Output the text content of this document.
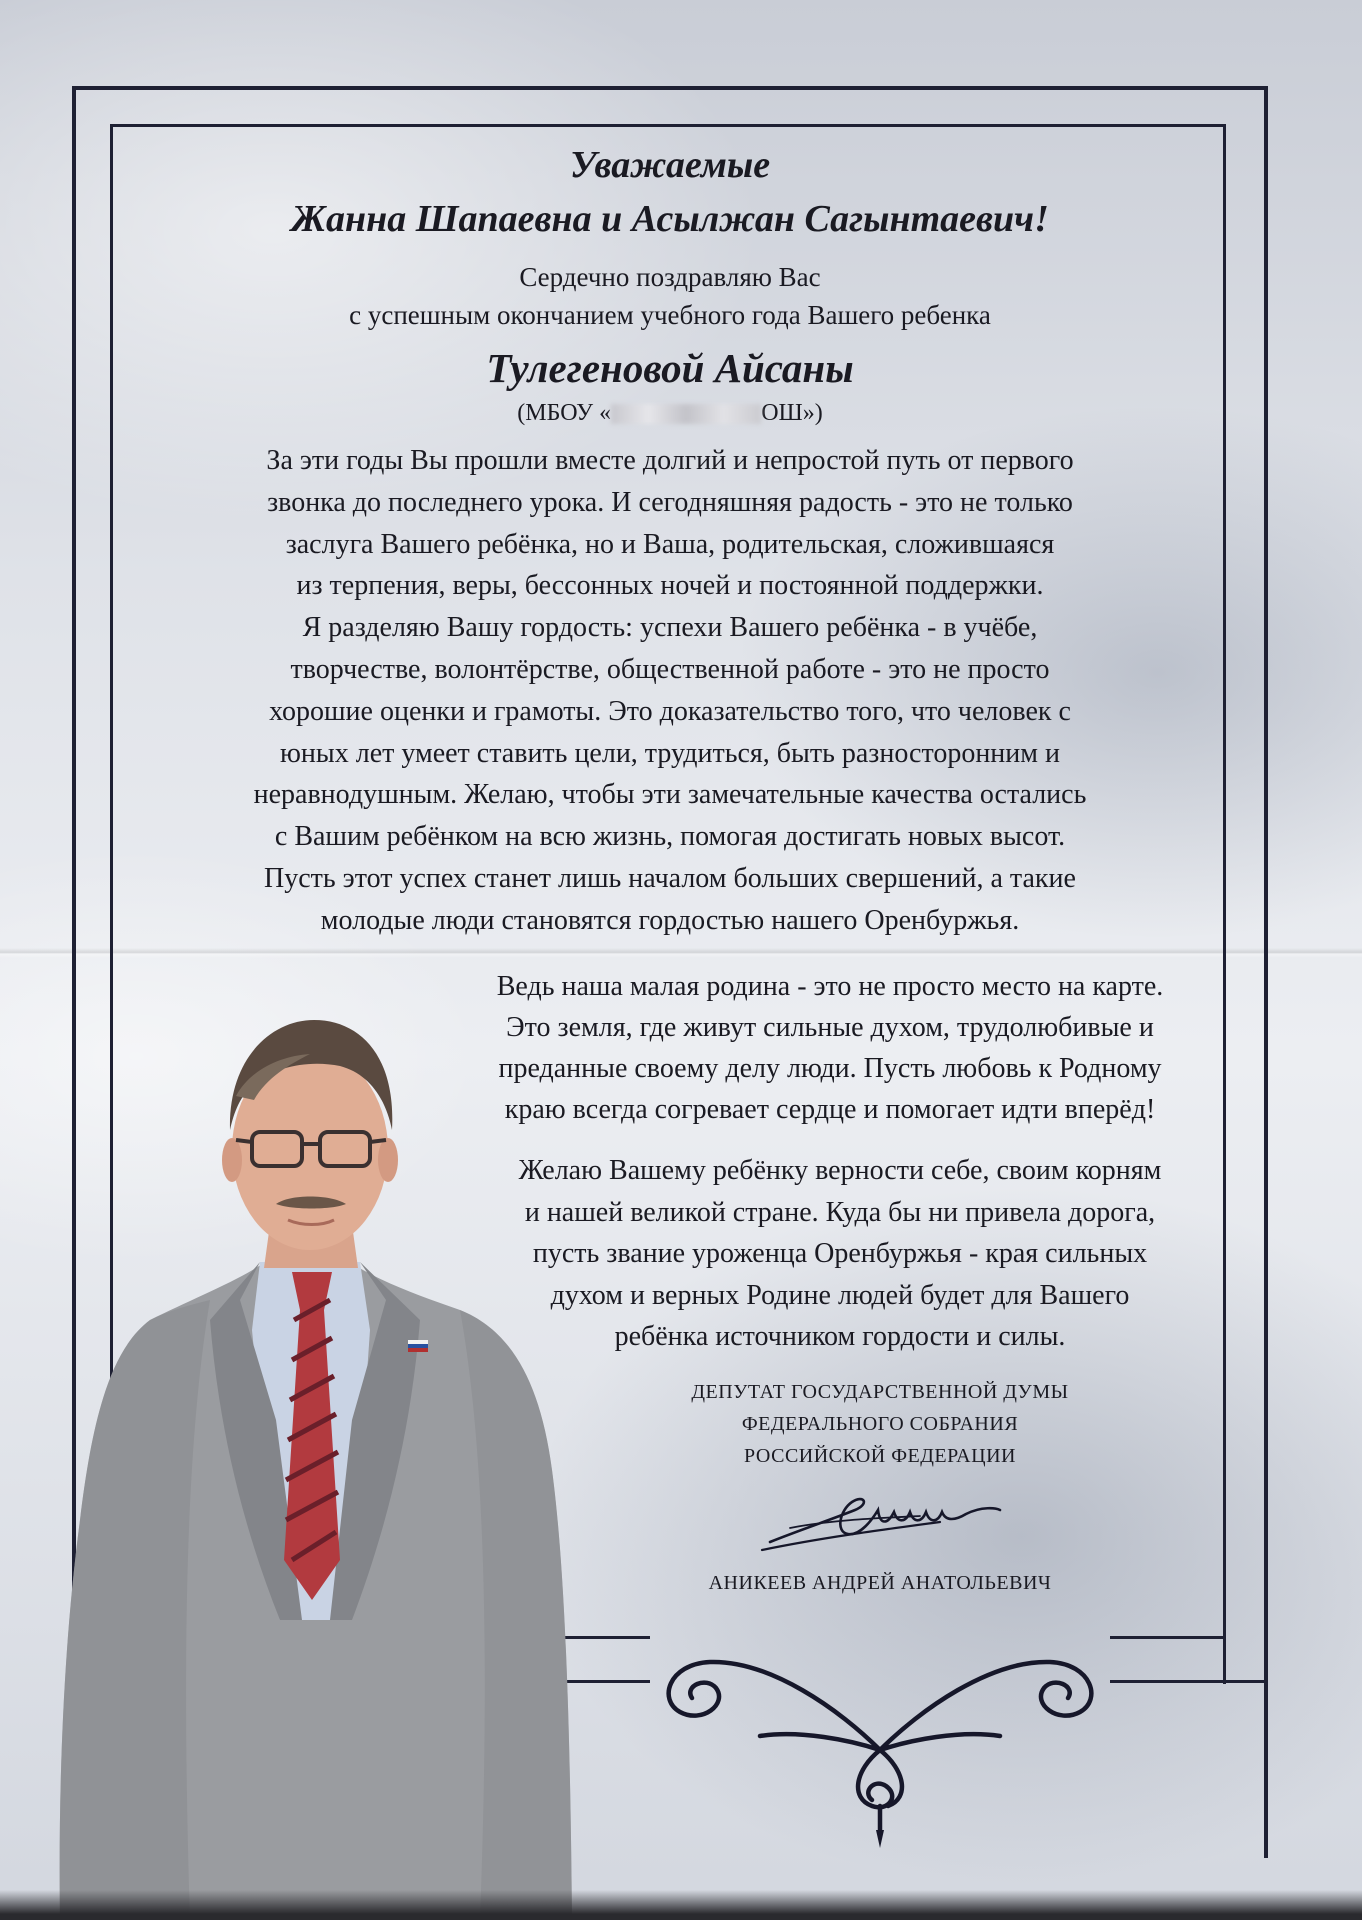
Уважаемые
Жанна Шапаевна и Асылжан Сагынтаевич!
Сердечно поздравляю Вас
с успешным окончанием учебного года Вашего ребенка
Тулегеновой Айсаны
(МБОУ «	ОШ»)
За эти годы Вы прошли вместе долгий и непростой путь от первого
звонка до последнего урока. И сегодняшняя радость - это не только
заслуга Вашего ребёнка, но и Ваша, родительская, сложившаяся
из терпения, веры, бессонных ночей и постоянной поддержки.
Я разделяю Вашу гордость: успехи Вашего ребёнка - в учёбе,
творчестве, волонтёрстве, общественной работе - это не просто
хорошие оценки и грамоты. Это доказательство того, что человек с
юных лет умеет ставить цели, трудиться, быть разносторонним и
неравнодушным. Желаю, чтобы эти замечательные качества остались
с Вашим ребёнком на всю жизнь, помогая достигать новых высот.
Пусть этот успех станет лишь началом больших свершений, а такие
молодые люди становятся гордостью нашего Оренбуржья.
Ведь наша малая родина - это не просто место на карте.
Это земля, где живут сильные духом, трудолюбивые и
преданные своему делу люди. Пусть любовь к Родному
краю всегда согревает сердце и помогает идти вперёд!
Желаю Вашему ребёнку верности себе, своим корням
и нашей великой стране. Куда бы ни привела дорога,
пусть звание уроженца Оренбуржья - края сильных
духом и верных Родине людей будет для Вашего
ребёнка источником гордости и силы.
ДЕПУТАТ ГОСУДАРСТВЕННОЙ ДУМЫ
ФЕДЕРАЛЬНОГО СОБРАНИЯ
РОССИЙСКОЙ ФЕДЕРАЦИИ
АНИКЕЕВ АНДРЕЙ АНАТОЛЬЕВИЧ
